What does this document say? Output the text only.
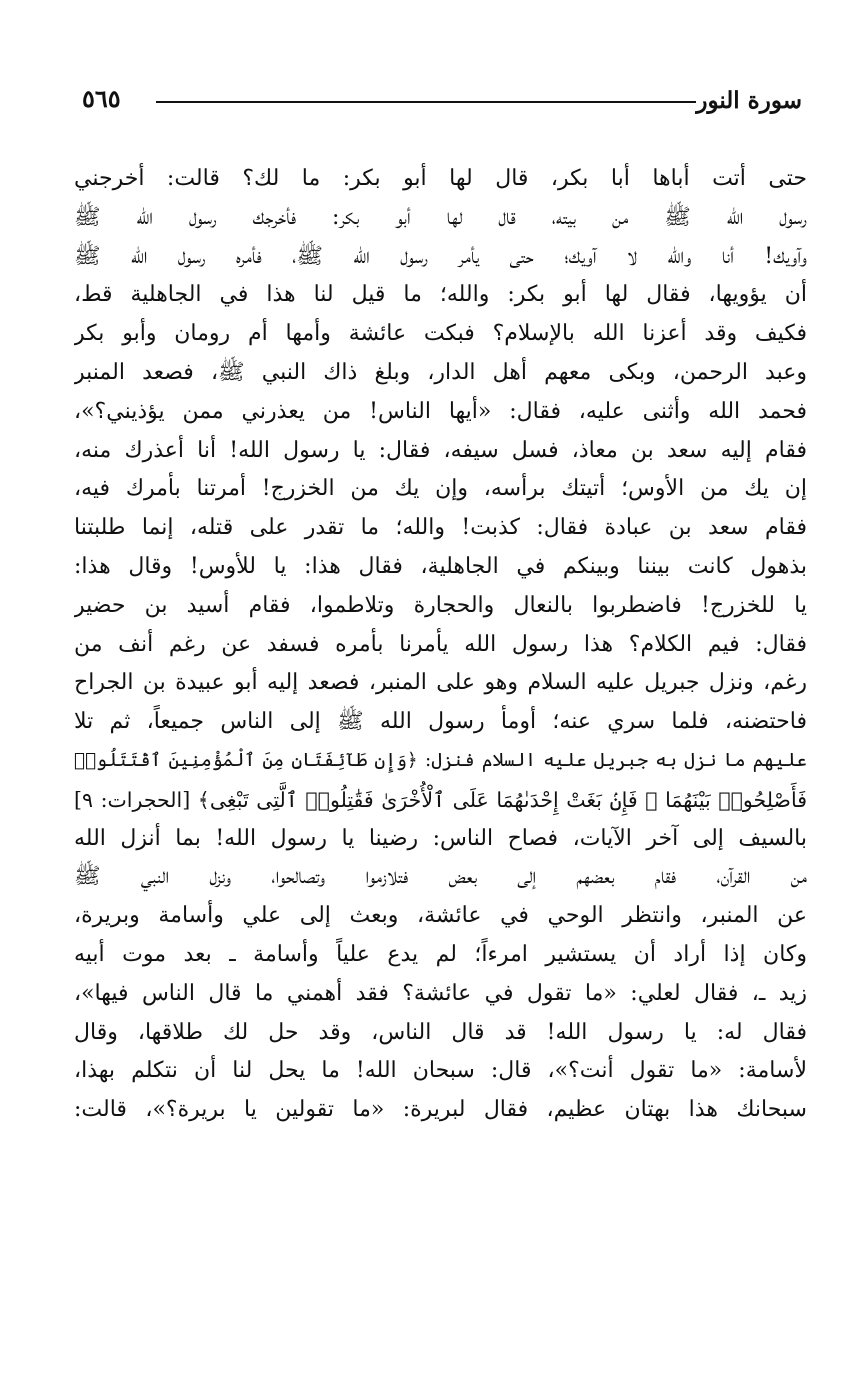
سورة النور
٥٦٥
حتى أتت أباها أبا بكر، قال لها أبو بكر: ما لك؟ قالت: أخرجني
رسول الله ﷺ من بيته، قال لها أبو بكر: فأخرجك رسول الله ﷺ
وآويك! أنا والله لا آويك؛ حتى يأمر رسول الله ﷺ، فأمره رسول الله ﷺ
أن يؤويها، فقال لها أبو بكر: والله؛ ما قيل لنا هذا في الجاهلية قط،
فكيف وقد أعزنا الله بالإسلام؟ فبكت عائشة وأمها أم رومان وأبو بكر
وعبد الرحمن، وبكى معهم أهل الدار، وبلغ ذاك النبي ﷺ، فصعد المنبر
فحمد الله وأثنى عليه، فقال: «أيها الناس! من يعذرني ممن يؤذيني؟»،
فقام إليه سعد بن معاذ، فسل سيفه، فقال: يا رسول الله! أنا أعذرك منه،
إن يك من الأوس؛ أتيتك برأسه، وإن يك من الخزرج! أمرتنا بأمرك فيه،
فقام سعد بن عبادة فقال: كذبت! والله؛ ما تقدر على قتله، إنما طلبتنا
بذهول كانت بيننا وبينكم في الجاهلية، فقال هذا: يا للأوس! وقال هذا:
يا للخزرج! فاضطربوا بالنعال والحجارة وتلاطموا، فقام أسيد بن حضير
فقال: فيم الكلام؟ هذا رسول الله يأمرنا بأمره فسفد عن رغم أنف من
رغم، ونزل جبريل عليه السلام وهو على المنبر، فصعد إليه أبو عبيدة بن الجراح
فاحتضنه، فلما سري عنه؛ أومأ رسول الله ﷺ إلى الناس جميعاً، ثم تلا
عليهم ما نزل به جبريل عليه السلام فنزل: ﴿وَإِن طَآئِفَتَانِ مِنَ ٱلْمُؤْمِنِينَ ٱقْتَتَلُوا۟
فَأَصْلِحُوا۟ بَيْنَهُمَا ۖ فَإِنۢ بَغَتْ إِحْدَىٰهُمَا عَلَى ٱلْأُخْرَىٰ فَقَٰتِلُوا۟ ٱلَّتِى تَبْغِى﴾ [الحجرات: ٩]
بالسيف إلى آخر الآيات، فصاح الناس: رضينا يا رسول الله! بما أنزل الله
من القرآن، فقام بعضهم إلى بعض فتلازموا وتصالحوا، ونزل النبي ﷺ
عن المنبر، وانتظر الوحي في عائشة، وبعث إلى علي وأسامة وبريرة،
وكان إذا أراد أن يستشير امرءاً؛ لم يدع علياً وأسامة ـ بعد موت أبيه
زيد ـ، فقال لعلي: «ما تقول في عائشة؟ فقد أهمني ما قال الناس فيها»،
فقال له: يا رسول الله! قد قال الناس، وقد حل لك طلاقها، وقال
لأسامة: «ما تقول أنت؟»، قال: سبحان الله! ما يحل لنا أن نتكلم بهذا،
سبحانك هذا بهتان عظيم، فقال لبريرة: «ما تقولين يا بريرة؟»، قالت:
